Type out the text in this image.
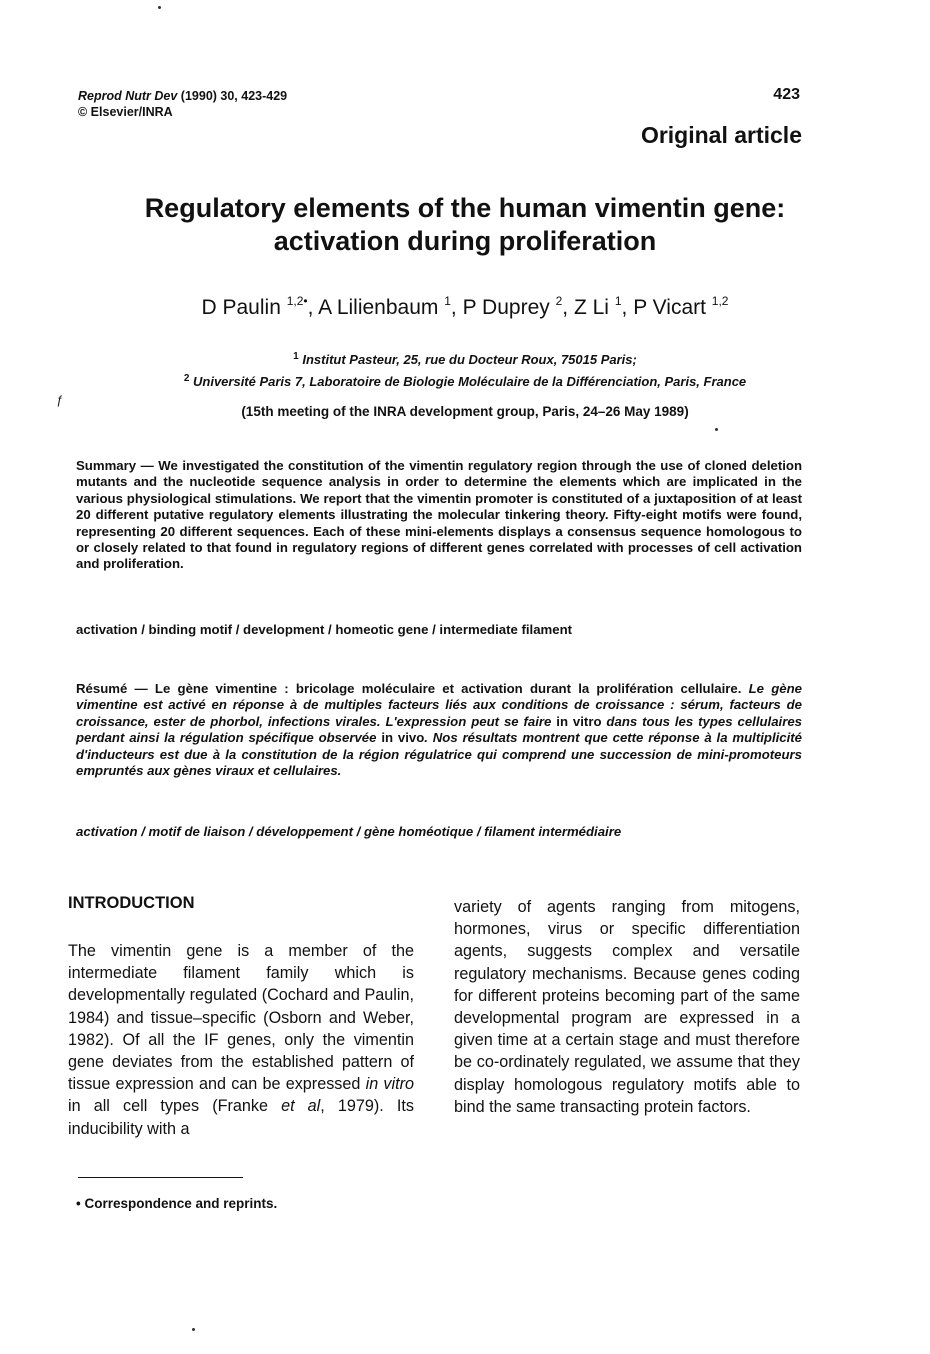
Reprod Nutr Dev (1990) 30, 423-429
© Elsevier/INRA
423
Original article
Regulatory elements of the human vimentin gene:
activation during proliferation
D Paulin $^{1,2•}$, A Lilienbaum $^1$, P Duprey $^2$, Z Li $^1$, P Vicart $^{1,2}$
$^1$ Institut Pasteur, 25, rue du Docteur Roux, 75015 Paris;
$^2$ Université Paris 7, Laboratoire de Biologie Moléculaire de la Différenciation, Paris, France
ƒ
(15th meeting of the INRA development group, Paris, 24–26 May 1989)
Summary — We investigated the constitution of the vimentin regulatory region through the use of cloned deletion mutants and the nucleotide sequence analysis in order to determine the elements which are implicated in the various physiological stimulations. We report that the vimentin promoter is constituted of a juxtaposition of at least 20 different putative regulatory elements illustrating the molecular tinkering theory. Fifty-eight motifs were found, representing 20 different sequences. Each of these mini-elements displays a consensus sequence homologous to or closely related to that found in regulatory regions of different genes correlated with processes of cell activation and proliferation.
activation / binding motif / development / homeotic gene / intermediate filament
Résumé — Le gène vimentine : bricolage moléculaire et activation durant la prolifération cellulaire. Le gène vimentine est activé en réponse à de multiples facteurs liés aux conditions de croissance : sérum, facteurs de croissance, ester de phorbol, infections virales. L'expression peut se faire in vitro dans tous les types cellulaires perdant ainsi la régulation spécifique observée in vivo. Nos résultats montrent que cette réponse à la multiplicité d'inducteurs est due à la constitution de la région régulatrice qui comprend une succession de mini-promoteurs empruntés aux gènes viraux et cellulaires.
activation / motif de liaison / développement / gène homéotique / filament intermédiaire
INTRODUCTION
The vimentin gene is a member of the intermediate filament family which is developmentally regulated (Cochard and Paulin, 1984) and tissue–specific (Osborn and Weber, 1982). Of all the IF genes, only the vimentin gene deviates from the established pattern of tissue expression and can be expressed in vitro in all cell types (Franke et al, 1979). Its inducibility with a
variety of agents ranging from mitogens, hormones, virus or specific differentiation agents, suggests complex and versatile regulatory mechanisms. Because genes coding for different proteins becoming part of the same developmental program are expressed in a given time at a certain stage and must therefore be co-ordinately regulated, we assume that they display homologous regulatory motifs able to bind the same transacting protein factors.
• Correspondence and reprints.
